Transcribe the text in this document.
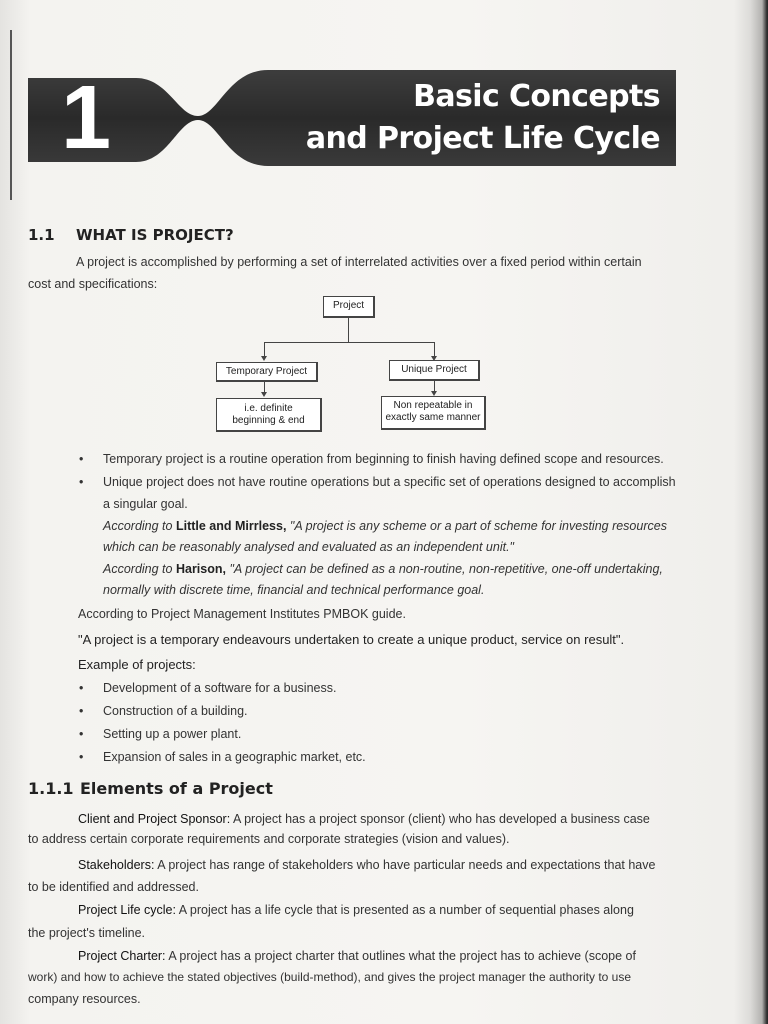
1	Basic Concepts
and Project Life Cycle
1.1 WHAT IS PROJECT?
A project is accomplished by performing a set of interrelated activities over a fixed period within certain
cost and specifications:
Project
Temporary Project	Unique Project
i.e. definite
beginning & end
Non repeatable in
exactly same manner
• Temporary project is a routine operation from beginning to finish having defined scope and resources.
• Unique project does not have routine operations but a specific set of operations designed to accomplish
a singular goal.
According to Little and Mirrless, "A project is any scheme or a part of scheme for investing resources
which can be reasonably analysed and evaluated as an independent unit."
According to Harison, "A project can be defined as a non-routine, non-repetitive, one-off undertaking,
normally with discrete time, financial and technical performance goal.
According to Project Management Institutes PMBOK guide.
"A project is a temporary endeavours undertaken to create a unique product, service on result".
Example of projects:
• Development of a software for a business.
• Construction of a building.
• Setting up a power plant.
• Expansion of sales in a geographic market, etc.
1.1.1 Elements of a Project
Client and Project Sponsor: A project has a project sponsor (client) who has developed a business case
to address certain corporate requirements and corporate strategies (vision and values).
Stakeholders: A project has range of stakeholders who have particular needs and expectations that have
to be identified and addressed.
Project Life cycle: A project has a life cycle that is presented as a number of sequential phases along
the project's timeline.
Project Charter: A project has a project charter that outlines what the project has to achieve (scope of
work) and how to achieve the stated objectives (build-method), and gives the project manager the authority to use
company resources.
